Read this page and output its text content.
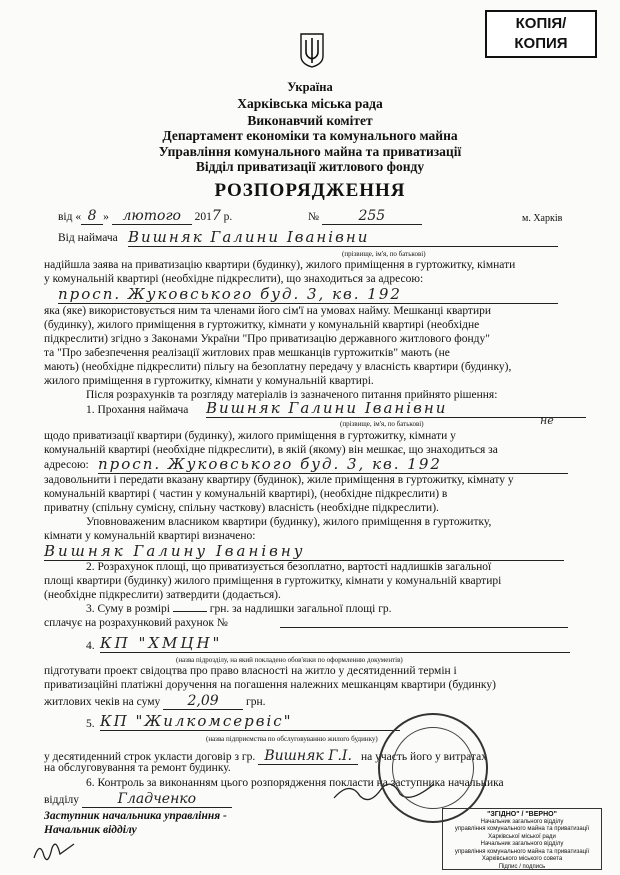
КОПІЯ/
КОПИЯ
Україна
Харківська міська рада
Виконавчий комітет
Департамент економіки та комунального майна
Управління комунального майна та приватизації
Відділ приватизації житлового фонду
РОЗПОРЯДЖЕННЯ
від « 8 » лютого 2017 р.	№	255	м. Харків
Від наймача Вишняк Галини Іванівни
(прізвище, ім'я, по батькові)
надійшла заява на приватизацію квартири (будинку), жилого приміщення в гуртожитку, кімнати
у комунальній квартирі (необхідне підкреслити), що знаходиться за адресою:
просп. Жуковського буд. 3, кв. 192
яка (яке) використовується ним та членами його сім'ї на умовах найму. Мешканці квартири
(будинку), жилого приміщення в гуртожитку, кімнати у комунальній квартирі (необхідне
підкреслити) згідно з Законами України "Про приватизацію державного житлового фонду"
та "Про забезпечення реалізації житлових прав мешканців гуртожитків" мають (не
мають) (необхідне підкреслити) пільгу на безоплатну передачу у власність квартири (будинку),
жилого приміщення в гуртожитку, кімнати у комунальній квартирі.
Після розрахунків та розгляду матеріалів із зазначеного питання прийнято рішення:
1. Прохання наймача Вишняк Галини Іванівни
(прізвище, ім'я, по батькові)	не
щодо приватизації квартири (будинку), жилого приміщення в гуртожитку, кімнати у
комунальній квартирі (необхідне підкреслити), в якій (якому) він мешкає, що знаходиться за
адресою: просп. Жуковського буд. 3, кв. 192
задовольнити і передати вказану квартиру (будинок), жиле приміщення в гуртожитку, кімнату у
комунальній квартирі ( частин у комунальній квартирі), (необхідне підкреслити) в
приватну (спільну сумісну, спільну часткову) власність (необхідне підкреслити).
Уповноваженим власником квартири (будинку), жилого приміщення в гуртожитку,
кімнати у комунальній квартирі визначено:
Вишняк Галину Іванівну
2. Розрахунок площі, що приватизується безоплатно, вартості надлишків загальної
площі квартири (будинку) жилого приміщення в гуртожитку, кімнати у комунальній квартирі
(необхідне підкреслити) затвердити (додається).
3. Суму в розмірі	грн. за надлишки загальної площі гр.
сплачує на розрахунковий рахунок №
4. КП "ХМЦН"
(назва підрозділу, на який покладено обов'язки по оформленню документів)
підготувати проект свідоцтва про право власності на житло у десятиденний термін і
приватизаційні платіжні доручення на погашення належних мешканцям квартири (будинку)
житлових чеків на суму 2,09 грн.
5. КП "Жилкомсервіс"
(назва підприємства по обслуговуванню жилого будинку)
у десятиденний строк укласти договір з гр. Вишняк Г.І. на участь його у витратах
на обслуговування та ремонт будинку.
6. Контроль за виконанням цього розпорядження покласти на заступника начальника
відділу	Гладченко
Заступник начальника управління -
Начальник відділу
"ЗГІДНО" / "ВЕРНО"
Начальник загального відділу
управління комунального майна та приватизації
Харківської міської ради
Начальник загального відділу
управління комунального майна та приватизації
Харківського міського совета
Підпис / подпись
